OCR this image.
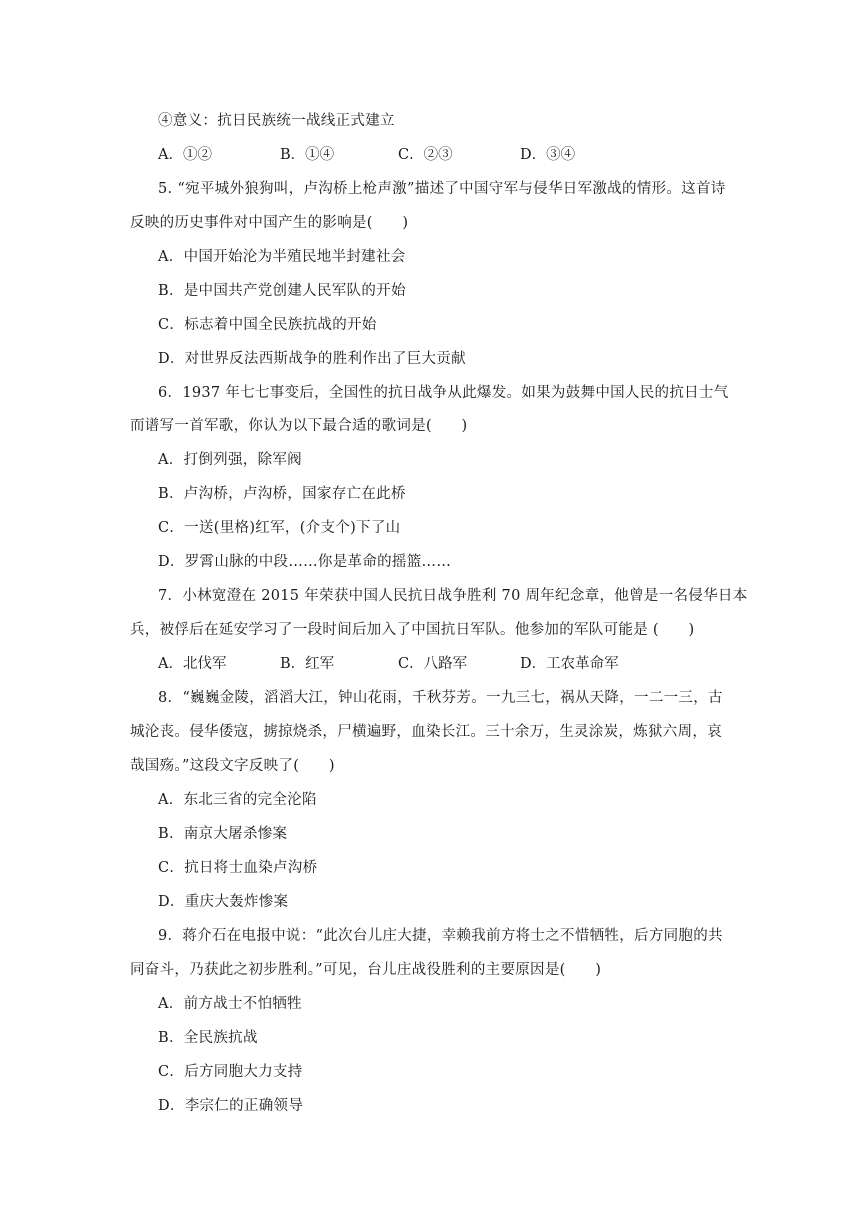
④意义：抗日民族统一战线正式建立
A．①②	B．①④	C．②③	D．③④
5. “宛平城外狼狗叫，卢沟桥上枪声激”描述了中国守军与侵华日军激战的情形。这首诗
反映的历史事件对中国产生的影响是(　　)
A．中国开始沦为半殖民地半封建社会
B．是中国共产党创建人民军队的开始
C．标志着中国全民族抗战的开始
D．对世界反法西斯战争的胜利作出了巨大贡献
6．1937 年七七事变后，全国性的抗日战争从此爆发。如果为鼓舞中国人民的抗日士气
而谱写一首军歌，你认为以下最合适的歌词是(　　)
A．打倒列强，除军阀
B．卢沟桥，卢沟桥，国家存亡在此桥
C．一送(里格)红军，(介支个)下了山
D．罗霄山脉的中段……你是革命的摇篮……
7．小林宽澄在 2015 年荣获中国人民抗日战争胜利 70 周年纪念章，他曾是一名侵华日本
兵，被俘后在延安学习了一段时间后加入了中国抗日军队。他参加的军队可能是 (　　)
A．北伐军	B．红军	C．八路军	D．工农革命军
8．“巍巍金陵，滔滔大江，钟山花雨，千秋芬芳。一九三七，祸从天降，一二一三，古
城沦丧。侵华倭寇，掳掠烧杀，尸横遍野，血染长江。三十余万，生灵涂炭，炼狱六周，哀
哉国殇。”这段文字反映了(　　)
A．东北三省的完全沦陷
B．南京大屠杀惨案
C．抗日将士血染卢沟桥
D．重庆大轰炸惨案
9．蒋介石在电报中说：“此次台儿庄大捷，幸赖我前方将士之不惜牺牲，后方同胞的共
同奋斗，乃获此之初步胜利。”可见，台儿庄战役胜利的主要原因是(　　)
A．前方战士不怕牺牲
B．全民族抗战
C．后方同胞大力支持
D．李宗仁的正确领导
